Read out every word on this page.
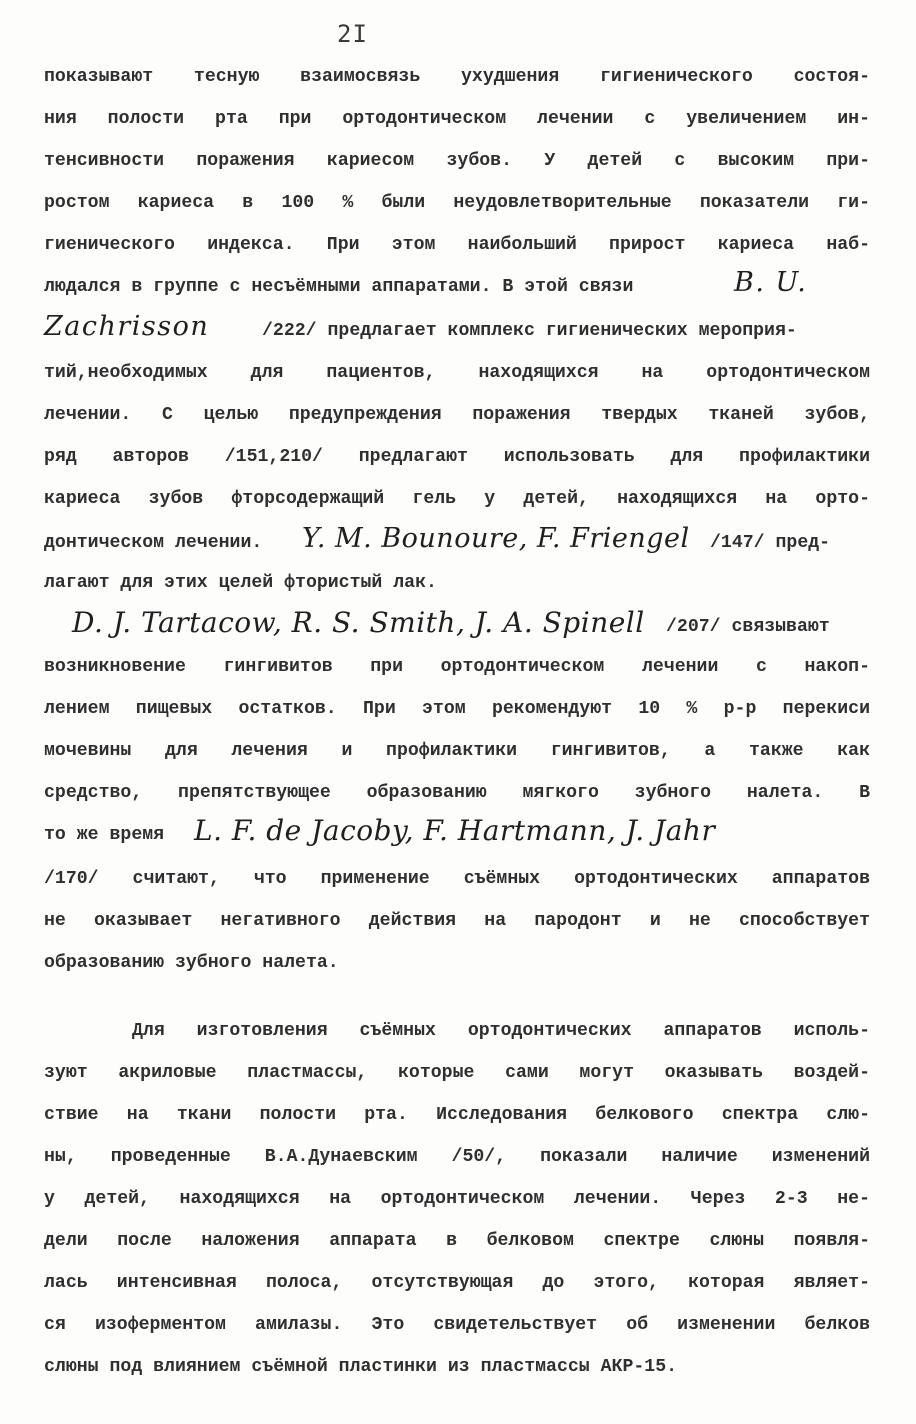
2I
показывают тесную взаимосвязь ухудшения гигиенического состоя-
ния полости рта при ортодонтическом лечении с увеличением ин-
тенсивности поражения кариесом зубов. У детей с высоким при-
ростом кариеса в 100 % были неудовлетворительные показатели ги-
гиенического индекса. При этом наибольший прирост кариеса наб-
людался в группе с несъёмными аппаратами. В этой связи	B. U.
Zachrisson	/222/ предлагает комплекс гигиенических мероприя-
тий,необходимых для пациентов, находящихся на ортодонтическом
лечении. С целью предупреждения поражения твердых тканей зубов,
ряд авторов /151,210/ предлагают использовать для профилактики
кариеса зубов фторсодержащий гель у детей, находящихся на орто-
донтическом лечении. Y. M. Bounoure, F. Friengel /147/ пред-
лагают для этих целей фтористый лак.
D. J. Tartacow, R. S. Smith, J. A. Spinell /207/ связывают
возникновение гингивитов при ортодонтическом лечении с накоп-
лением пищевых остатков. При этом рекомендуют 10 % р-р перекиси
мочевины для лечения и профилактики гингивитов, а также как
средство, препятствующее образованию мягкого зубного налета. В
то же время L. F. de Jacoby, F. Hartmann, J. Jahr
/170/ считают, что применение съёмных ортодонтических аппаратов
не оказывает негативного действия на пародонт и не способствует
образованию зубного налета.
Для изготовления съёмных ортодонтических аппаратов исполь-
зуют акриловые пластмассы, которые сами могут оказывать воздей-
ствие на ткани полости рта. Исследования белкового спектра слю-
ны, проведенные В.А.Дунаевским /50/, показали наличие изменений
у детей, находящихся на ортодонтическом лечении. Через 2-3 не-
дели после наложения аппарата в белковом спектре слюны появля-
лась интенсивная полоса, отсутствующая до этого, которая являет-
ся изоферментом амилазы. Это свидетельствует об изменении белков
слюны под влиянием съёмной пластинки из пластмассы АКР-15.
